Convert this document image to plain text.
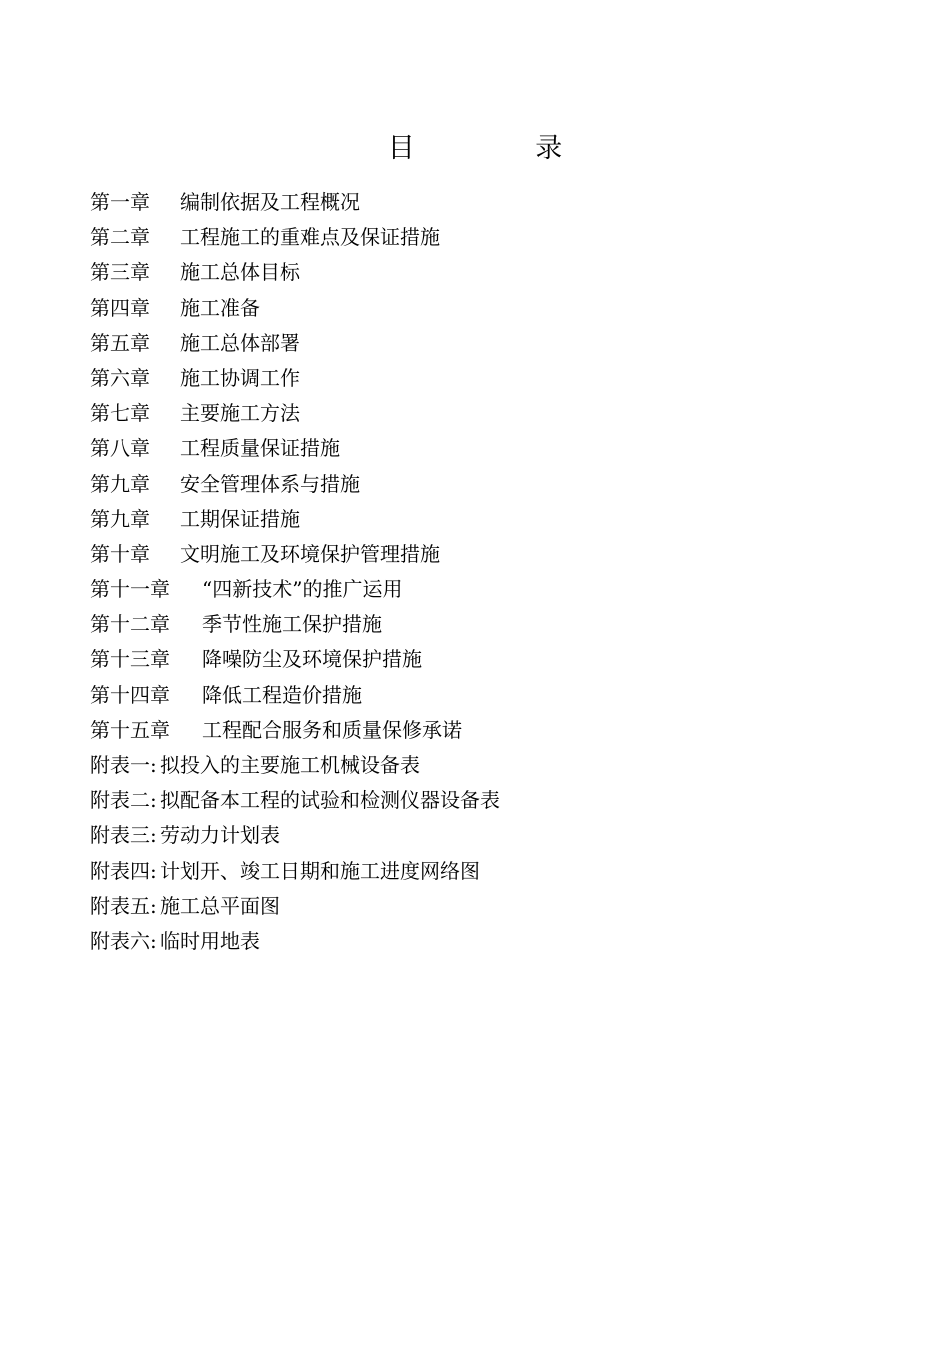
目 录
第一章	编制依据及工程概况
第二章	工程施工的重难点及保证措施
第三章	施工总体目标
第四章	施工准备
第五章	施工总体部署
第六章	施工协调工作
第七章	主要施工方法
第八章	工程质量保证措施
第九章	安全管理体系与措施
第九章	工期保证措施
第十章	文明施工及环境保护管理措施
第十一章	“四新技术”的推广运用
第十二章	季节性施工保护措施
第十三章	降噪防尘及环境保护措施
第十四章	降低工程造价措施
第十五章	工程配合服务和质量保修承诺
附表一 : 拟投入的主要施工机械设备表
附表二 : 拟配备本工程的试验和检测仪器设备表
附表三 : 劳动力计划表
附表四 : 计划开、竣工日期和施工进度网络图
附表五 : 施工总平面图
附表六 : 临时用地表
